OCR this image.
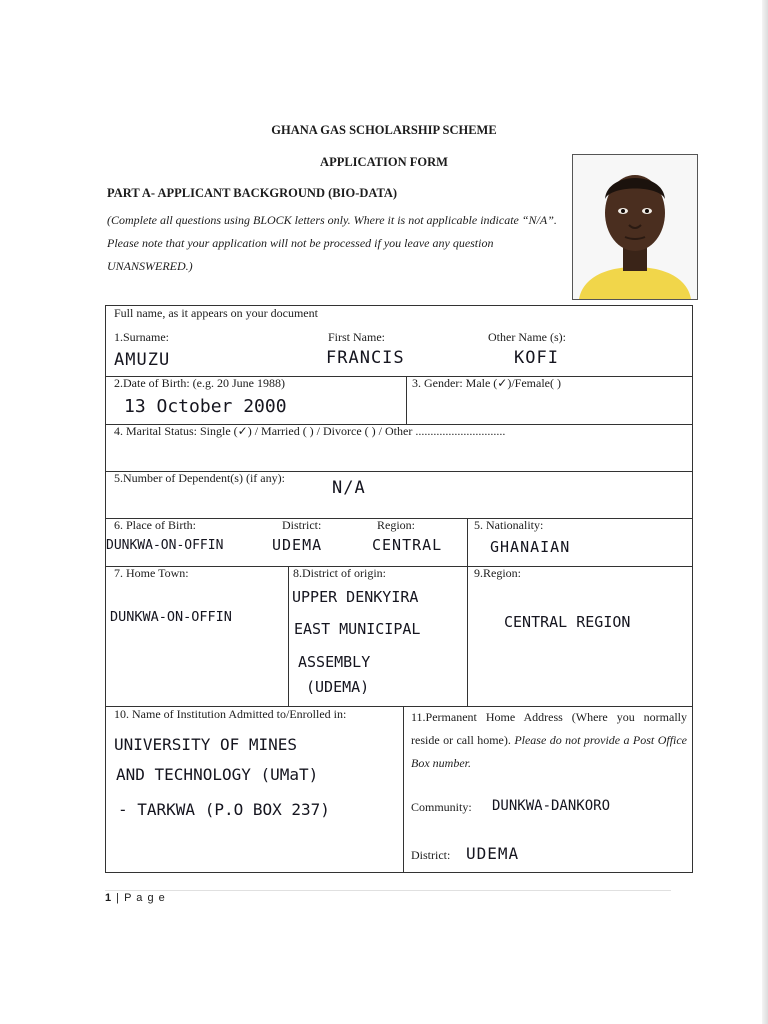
GHANA GAS SCHOLARSHIP SCHEME
APPLICATION FORM
PART A- APPLICANT BACKGROUND (BIO-DATA)
(Complete all questions using BLOCK letters only. Where it is not applicable indicate “N/A”. Please note that your application will not be processed if you leave any question UNANSWERED.)
Full name, as it appears on your document
1.Surname:
AMUZU
First Name:
FRANCIS
Other Name (s):
KOFI
2.Date of Birth: (e.g. 20 June 1988)
13 October 2000
3. Gender: Male (✓)/Female( )
4. Marital Status: Single (✓) / Married ( ) / Divorce ( ) / Other ..............................
5.Number of Dependent(s) (if any):	N/A
6. Place of Birth:
DUNKWA-ON-OFFIN
District:
UDEMA
Region:
CENTRAL
5. Nationality:
GHANAIAN
7. Home Town:
DUNKWA-ON-OFFIN
8.District of origin:
UPPER DENKYIRA
EAST MUNICIPAL
ASSEMBLY
(UDEMA)
9.Region:
CENTRAL REGION
10. Name of Institution Admitted to/Enrolled in:
UNIVERSITY OF MINES
AND TECHNOLOGY (UMaT)
- TARKWA (P.O BOX 237)
11.Permanent Home Address (Where you normally reside or call home). Please do not provide a Post Office Box number.
Community: DUNKWA-DANKORO
District: UDEMA
1 | P a g e
